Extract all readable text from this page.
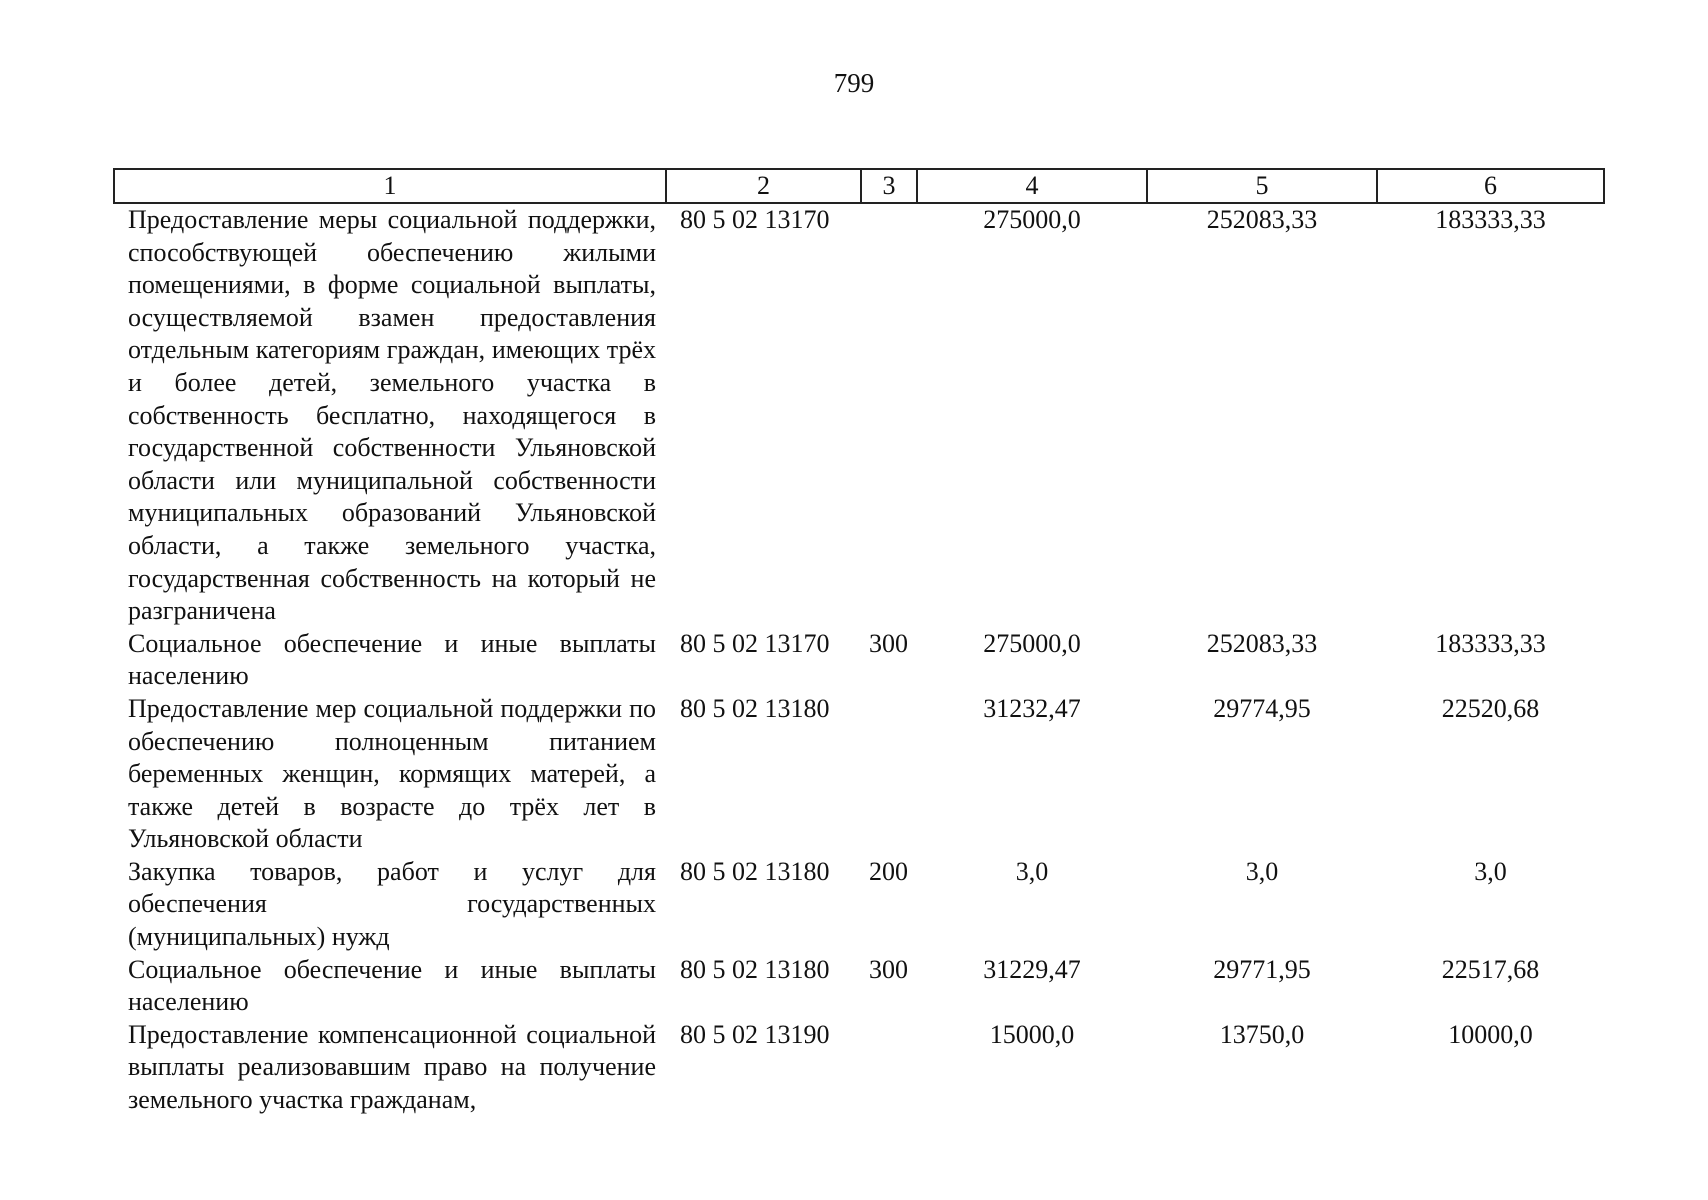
799
1	2	3	4	5	6
Предоставление меры социальной поддержки, способствующей обеспечению жилыми помещениями, в форме социальной выплаты, осуществляемой взамен предоставления отдельным категориям граждан, имеющих трёх и более детей, земельного участка в собственность бесплатно, находящегося в государственной собственности Ульяновской области или муниципальной собственности муниципальных образований Ульяновской области, а также земельного участка, государственная собственность на который не разграничена	80 5 02 13170		275000,0	252083,33	183333,33
Социальное обеспечение и иные выплаты населению	80 5 02 13170	300	275000,0	252083,33	183333,33
Предоставление мер социальной поддержки по обеспечению полноценным питанием беременных женщин, кормящих матерей, а также детей в возрасте до трёх лет в Ульяновской области	80 5 02 13180		31232,47	29774,95	22520,68
Закупка товаров, работ и услуг для обеспечения государственных (муниципальных) нужд	80 5 02 13180	200	3,0	3,0	3,0
Социальное обеспечение и иные выплаты населению	80 5 02 13180	300	31229,47	29771,95	22517,68
Предоставление компенсационной социальной выплаты реализовавшим право на получение земельного участка гражданам,	80 5 02 13190		15000,0	13750,0	10000,0
